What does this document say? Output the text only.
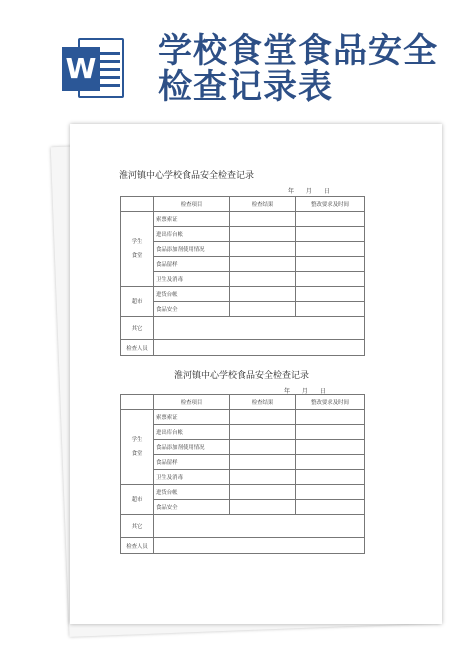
W 学校食堂食品安全
检查记录表
淮河镇中心学校食品安全检查记录
年 月 日
	检查项目	检查结果	整改要求及时间

学生
食堂	索票索证		
	进出库台帐		
	食品添加剂使用情况		
	食品留样		
	卫生及消毒		
超市	进货台帐		
	食品安全		
其它			
检查人员			
淮河镇中心学校食品安全检查记录
年 月 日
	检查项目	检查结果	整改要求及时间

学生
食堂	索票索证		
	进出库台帐		
	食品添加剂使用情况		
	食品留样		
	卫生及消毒		
超市	进货台帐		
	食品安全		
其它			
检查人员			
